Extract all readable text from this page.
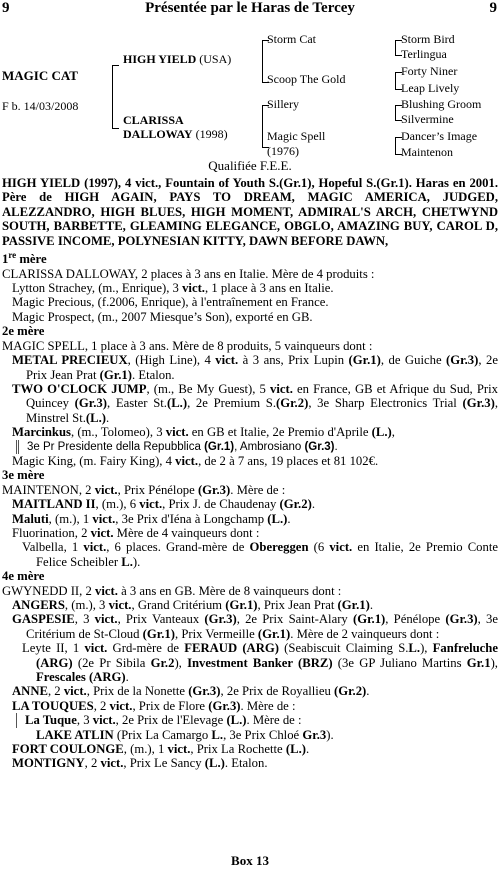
9	Présentée par le Haras de Tercey	9
MAGIC CAT
F b. 14/03/2008
HIGH YIELD (USA)
CLARISSA
DALLOWAY (1998)
Storm Cat
Scoop The Gold
Sillery
Magic Spell
(1976)
Storm Bird
Terlingua
Forty Niner
Leap Lively
Blushing Groom
Silvermine
Dancer’s Image
Maintenon
Qualifiée F.E.E.

HIGH YIELD (1997), 4 vict., Fountain of Youth S.(Gr.1), Hopeful S.(Gr.1). Haras en 2001. Père de HIGH AGAIN, PAYS TO DREAM, MAGIC AMERICA, JUDGED, ALEZZANDRO, HIGH BLUES, HIGH MOMENT, ADMIRAL'S ARCH, CHETWYND SOUTH, BARBETTE, GLEAMING ELEGANCE, OBGLO, AMAZING BUY, CAROL D, PASSIVE INCOME, POLYNESIAN KITTY, DAWN BEFORE DAWN,

1re mère

CLARISSA DALLOWAY, 2 places à 3 ans en Italie. Mère de 4 produits :

Lytton Strachey, (m., Enrique), 3 vict., 1 place à 3 ans en Italie.

Magic Precious, (f.2006, Enrique), à l'entraînement en France.

Magic Prospect, (m., 2007 Miesque’s Son), exporté en GB.

2e mère

MAGIC SPELL, 1 place à 3 ans. Mère de 8 produits, 5 vainqueurs dont :

METAL PRECIEUX, (High Line), 4 vict. à 3 ans, Prix Lupin (Gr.1), de Guiche (Gr.3), 2e Prix Jean Prat (Gr.1). Etalon.

TWO O'CLOCK JUMP, (m., Be My Guest), 5 vict. en France, GB et Afrique du Sud, Prix Quincey (Gr.3), Easter St.(L.), 2e Premium S.(Gr.2), 3e Sharp Electronics Trial (Gr.3), Minstrel St.(L.).

Marcinkus, (m., Tolomeo), 3 vict. en GB et Italie, 2e Premio d'Aprile (L.),

3e Pr Presidente della Repubblica (Gr.1), Ambrosiano (Gr.3).

Magic King, (m. Fairy King), 4 vict., de 2 à 7 ans, 19 places et 81 102€.

3e mère

MAINTENON, 2 vict., Prix Pénélope (Gr.3). Mère de :

MAITLAND II, (m.), 6 vict., Prix J. de Chaudenay (Gr.2).

Maluti, (m.), 1 vict., 3e Prix d'Iéna à Longchamp (L.).

Fluorination, 2 vict. Mère de 4 vainqueurs dont :

Valbella, 1 vict., 6 places. Grand-mère de Obereggen (6 vict. en Italie, 2e Premio Conte Felice Scheibler L.).

4e mère

GWYNEDD II, 2 vict. à 3 ans en GB. Mère de 8 vainqueurs dont :

ANGERS, (m.), 3 vict., Grand Critérium (Gr.1), Prix Jean Prat (Gr.1).

GASPESIE, 3 vict., Prix Vanteaux (Gr.3), 2e Prix Saint-Alary (Gr.1), Pénélope (Gr.3), 3e Critérium de St-Cloud (Gr.1), Prix Vermeille (Gr.1). Mère de 2 vainqueurs dont :

Leyte II, 1 vict. Grd-mère de FERAUD (ARG) (Seabiscuit Claiming S.L.), Fanfreluche (ARG) (2e Pr Sibila Gr.2), Investment Banker (BRZ) (3e GP Juliano Martins Gr.1), Frescales (ARG).

ANNE, 2 vict., Prix de la Nonette (Gr.3), 2e Prix de Royallieu (Gr.2).

LA TOUQUES, 2 vict., Prix de Flore (Gr.3). Mère de :

La Tuque, 3 vict., 2e Prix de l'Elevage (L.). Mère de :

LAKE ATLIN (Prix La Camargo L., 3e Prix Chloé Gr.3).

FORT COULONGE, (m.), 1 vict., Prix La Rochette (L.).

MONTIGNY, 2 vict., Prix Le Sancy (L.). Etalon.

Box 13
